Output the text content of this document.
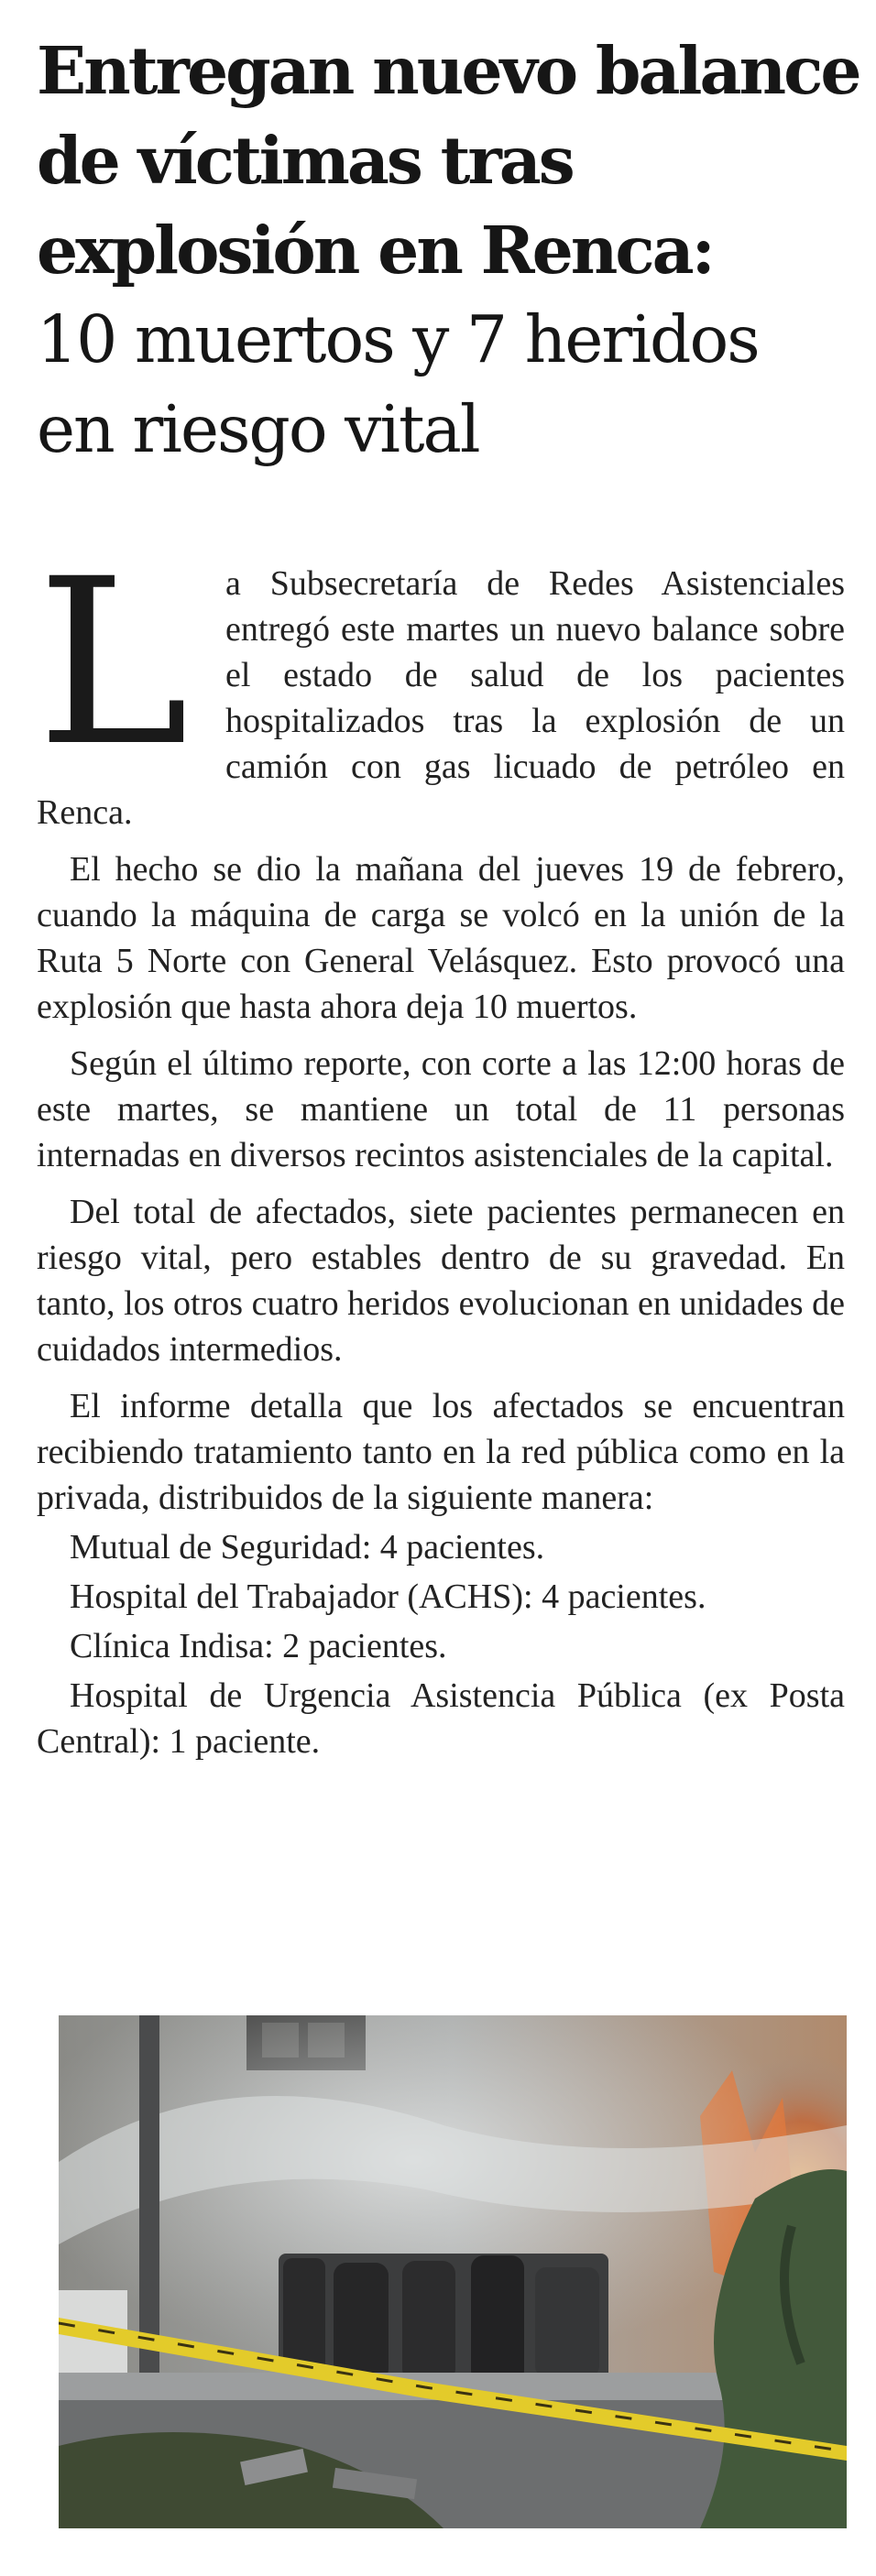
Entregan nuevo balance
de víctimas tras
explosión en Renca:
10 muertos y 7 heridos
en riesgo vital

L a Subsecretaría de Redes Asistenciales entregó este martes un nuevo balance sobre el estado de salud de los pacientes hospitalizados tras la explosión de un camión con gas licuado de petróleo en Renca.

El hecho se dio la mañana del jueves 19 de febrero, cuando la máquina de carga se volcó en la unión de la Ruta 5 Norte con General Velásquez. Esto provocó una explosión que hasta ahora deja 10 muertos.

Según el último reporte, con corte a las 12:00 horas de este martes, se mantiene un total de 11 personas internadas en diversos recintos asistenciales de la capital.

Del total de afectados, siete pacientes permanecen en riesgo vital, pero estables dentro de su gravedad. En tanto, los otros cuatro heridos evolucionan en unidades de cuidados intermedios.

El informe detalla que los afectados se encuentran recibiendo tratamiento tanto en la red pública como en la privada, distribuidos de la siguiente manera:

Mutual de Seguridad: 4 pacientes.

Hospital del Trabajador (ACHS): 4 pacientes.

Clínica Indisa: 2 pacientes.

Hospital de Urgencia Asistencia Pública (ex Posta Central): 1 paciente.
